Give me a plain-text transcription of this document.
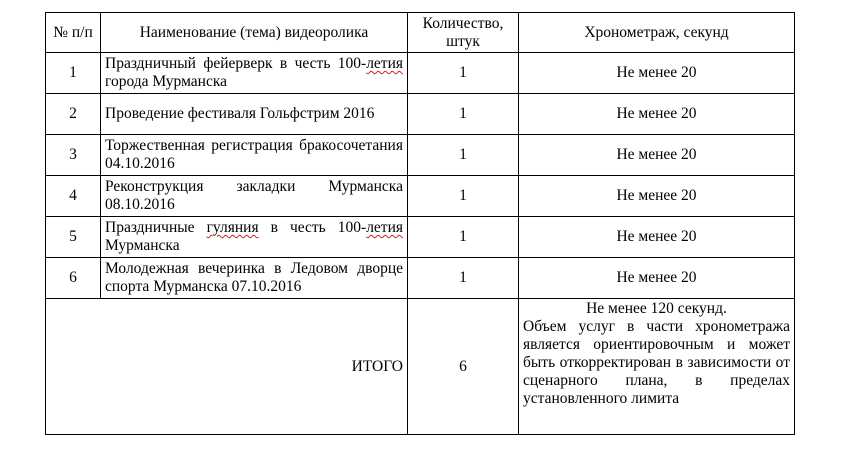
№ п/п	Наименование (тема) видеоролика	Количество, штук	Хронометраж, секунд
1	Праздничный фейерверк в честь 100-летия города Мурманска	1	Не менее 20
2	Проведение фестиваля Гольфстрим 2016	1	Не менее 20
3	Торжественная регистрация бракосочетания 04.10.2016	1	Не менее 20
4	Реконструкция закладки Мурманска 08.10.2016	1	Не менее 20
5	Праздничные гуляния в честь 100-летия Мурманска	1	Не менее 20
6	Молодежная вечеринка в Ледовом дворце спорта Мурманска 07.10.2016	1	Не менее 20
ИТОГО		6	Не менее 120 секунд.
Объем услуг в части хронометража является ориентировочным и может быть откорректирован в зависимости от сценарного плана, в пределах установленного лимита
